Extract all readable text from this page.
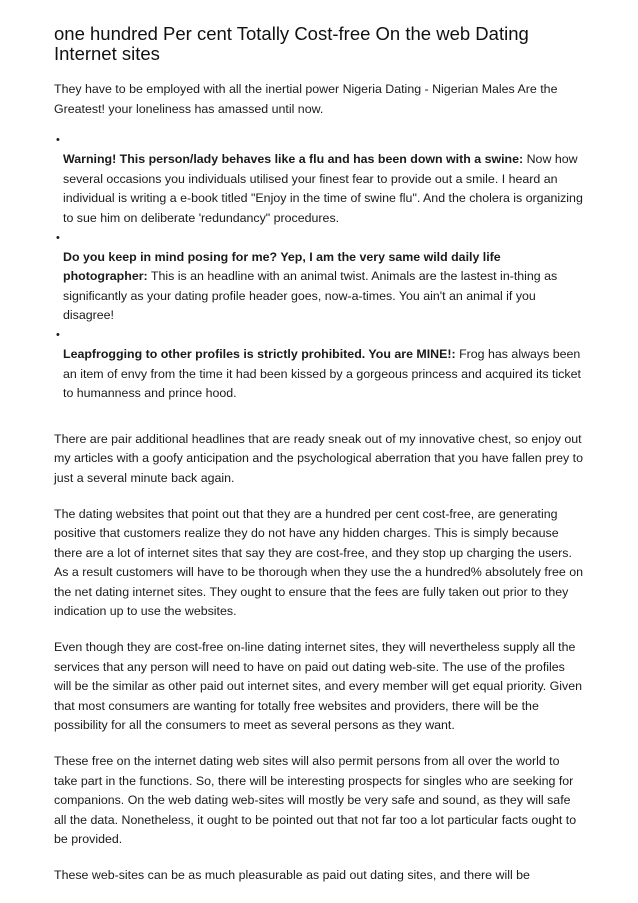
one hundred Per cent Totally Cost-free On the web Dating Internet sites

They have to be employed with all the inertial power Nigeria Dating - Nigerian Males Are the Greatest! your loneliness has amassed until now.

•

Warning! This person/lady behaves like a flu and has been down with a swine: Now how several occasions you individuals utilised your finest fear to provide out a smile. I heard an individual is writing a e-book titled "Enjoy in the time of swine flu". And the cholera is organizing to sue him on deliberate 'redundancy" procedures.

•

Do you keep in mind posing for me? Yep, I am the very same wild daily life photographer: This is an headline with an animal twist. Animals are the lastest in-thing as significantly as your dating profile header goes, now-a-times. You ain't an animal if you disagree!

•

Leapfrogging to other profiles is strictly prohibited. You are MINE!: Frog has always been an item of envy from the time it had been kissed by a gorgeous princess and acquired its ticket to humanness and prince hood.

There are pair additional headlines that are ready sneak out of my innovative chest, so enjoy out my articles with a goofy anticipation and the psychological aberration that you have fallen prey to just a several minute back again.

The dating websites that point out that they are a hundred per cent cost-free, are generating positive that customers realize they do not have any hidden charges. This is simply because there are a lot of internet sites that say they are cost-free, and they stop up charging the users. As a result customers will have to be thorough when they use the a hundred% absolutely free on the net dating internet sites. They ought to ensure that the fees are fully taken out prior to they indication up to use the websites.

Even though they are cost-free on-line dating internet sites, they will nevertheless supply all the services that any person will need to have on paid out dating web-site. The use of the profiles will be the similar as other paid out internet sites, and every member will get equal priority. Given that most consumers are wanting for totally free websites and providers, there will be the possibility for all the consumers to meet as several persons as they want.

These free on the internet dating web sites will also permit persons from all over the world to take part in the functions. So, there will be interesting prospects for singles who are seeking for companions. On the web dating web-sites will mostly be very safe and sound, as they will safe all the data. Nonetheless, it ought to be pointed out that not far too a lot particular facts ought to be provided.

These web-sites can be as much pleasurable as paid out dating sites, and there will be
